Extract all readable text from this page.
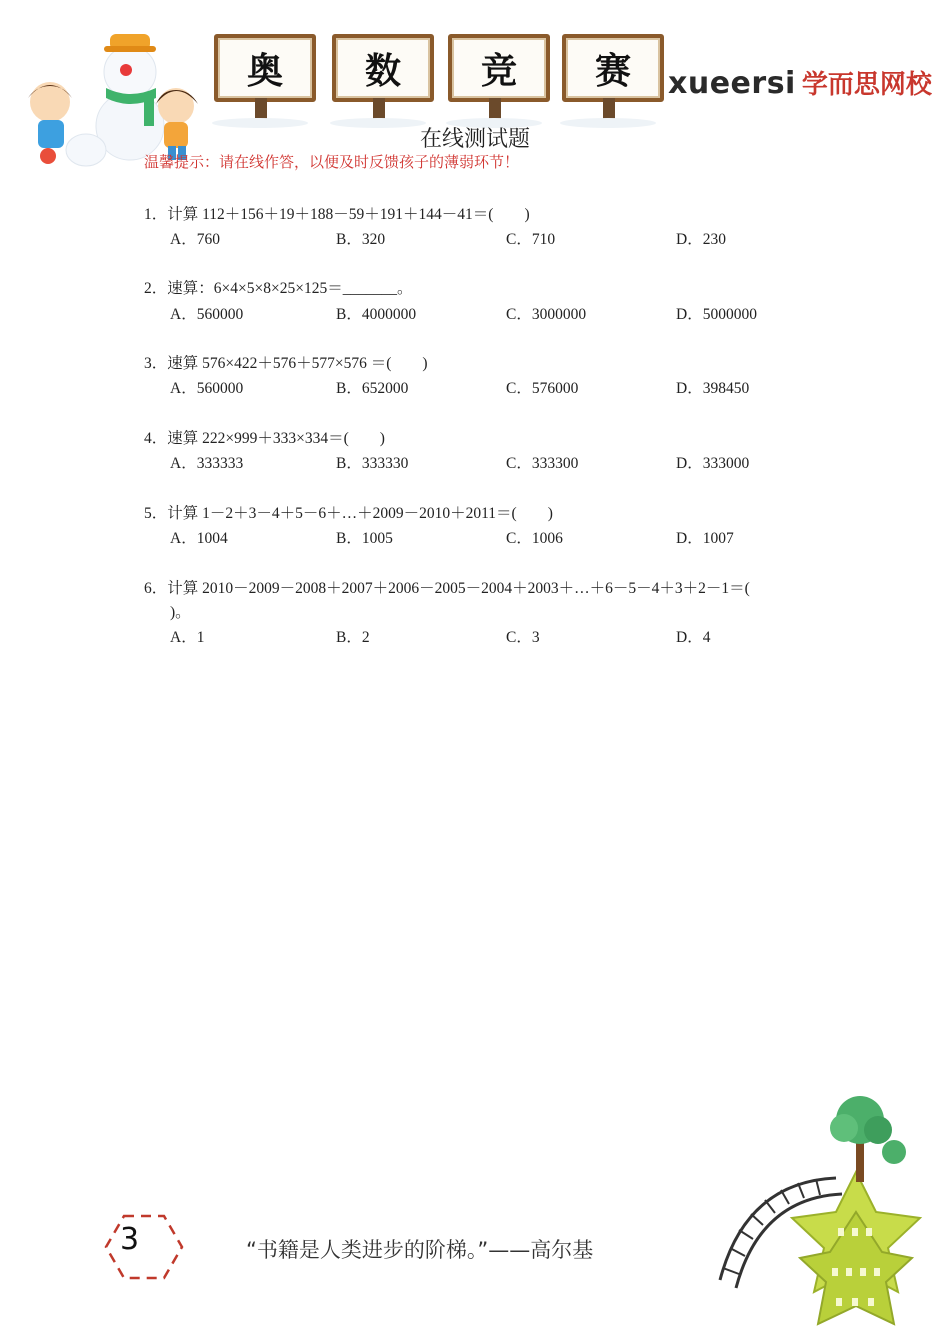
奥 数 竞 赛 xueersi 学而思网校
在线测试题
温馨提示：请在线作答，以便及时反馈孩子的薄弱环节！
1．计算 112＋156＋19＋188－59＋191＋144－41＝(　　)
A．760	B．320	C．710	D．230
2．速算：6×4×5×8×25×125＝_______。
A．560000	B．4000000	C．3000000	D．5000000
3．速算 576×422＋576＋577×576 ＝(　　)
A．560000	B．652000	C．576000	D．398450
4．速算 222×999＋333×334＝(　　)
A．333333	B．333330	C．333300	D．333000
5．计算 1－2＋3－4＋5－6＋…＋2009－2010＋2011＝(　　)
A．1004	B．1005	C．1006	D．1007
6．计算 2010－2009－2008＋2007＋2006－2005－2004＋2003＋…＋6－5－4＋3＋2－1＝(
)。
A．1	B．2	C．3	D．4
3	“书籍是人类进步的阶梯。”——高尔基
